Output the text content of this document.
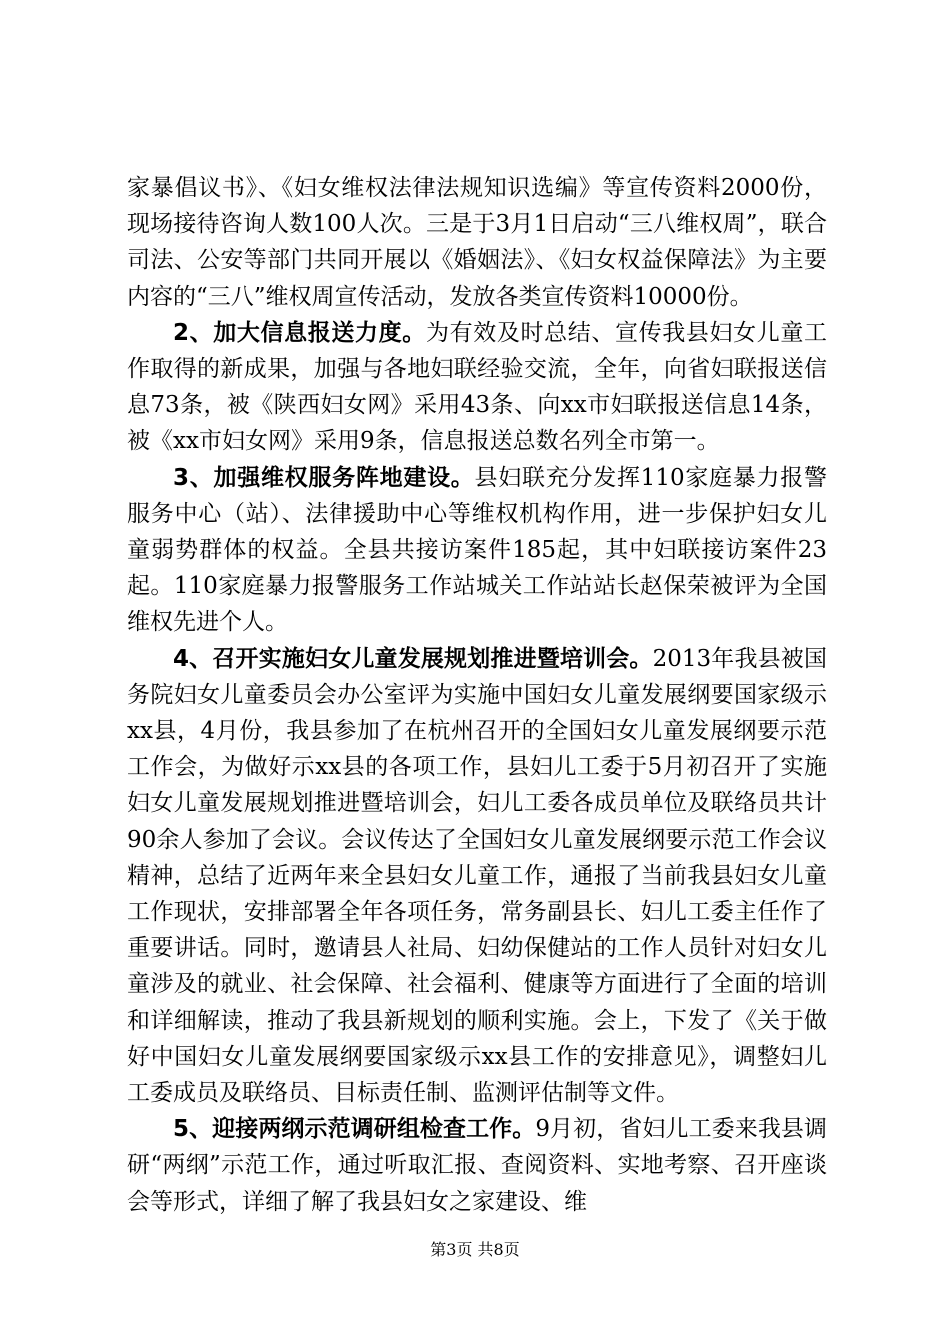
家暴倡议书》、《妇女维权法律法规知识选编》等宣传资料2000份，现场接待咨询人数100人次。三是于3月1日启动“三八维权周”，联合司法、公安等部门共同开展以《婚姻法》、《妇女权益保障法》为主要内容的“三八”维权周宣传活动，发放各类宣传资料10000份。

2、加大信息报送力度。为有效及时总结、宣传我县妇女儿童工作取得的新成果，加强与各地妇联经验交流，全年，向省妇联报送信息73条，被《陕西妇女网》采用43条、向xx市妇联报送信息14条，被《xx市妇女网》采用9条，信息报送总数名列全市第一。

3、加强维权服务阵地建设。县妇联充分发挥110家庭暴力报警服务中心（站）、法律援助中心等维权机构作用，进一步保护妇女儿童弱势群体的权益。全县共接访案件185起，其中妇联接访案件23起。110家庭暴力报警服务工作站城关工作站站长赵保荣被评为全国维权先进个人。

4、召开实施妇女儿童发展规划推进暨培训会。2013年我县被国务院妇女儿童委员会办公室评为实施中国妇女儿童发展纲要国家级示xx县，4月份，我县参加了在杭州召开的全国妇女儿童发展纲要示范工作会，为做好示xx县的各项工作，县妇儿工委于5月初召开了实施妇女儿童发展规划推进暨培训会，妇儿工委各成员单位及联络员共计90余人参加了会议。会议传达了全国妇女儿童发展纲要示范工作会议精神，总结了近两年来全县妇女儿童工作，通报了当前我县妇女儿童工作现状，安排部署全年各项任务，常务副县长、妇儿工委主任作了重要讲话。同时，邀请县人社局、妇幼保健站的工作人员针对妇女儿童涉及的就业、社会保障、社会福利、健康等方面进行了全面的培训和详细解读，推动了我县新规划的顺利实施。会上，下发了《关于做好中国妇女儿童发展纲要国家级示xx县工作的安排意见》，调整妇儿工委成员及联络员、目标责任制、监测评估制等文件。

5、迎接两纲示范调研组检查工作。9月初，省妇儿工委来我县调研“两纲”示范工作，通过听取汇报、查阅资料、实地考察、召开座谈会等形式，详细了解了我县妇女之家建设、维

第3页 共8页
